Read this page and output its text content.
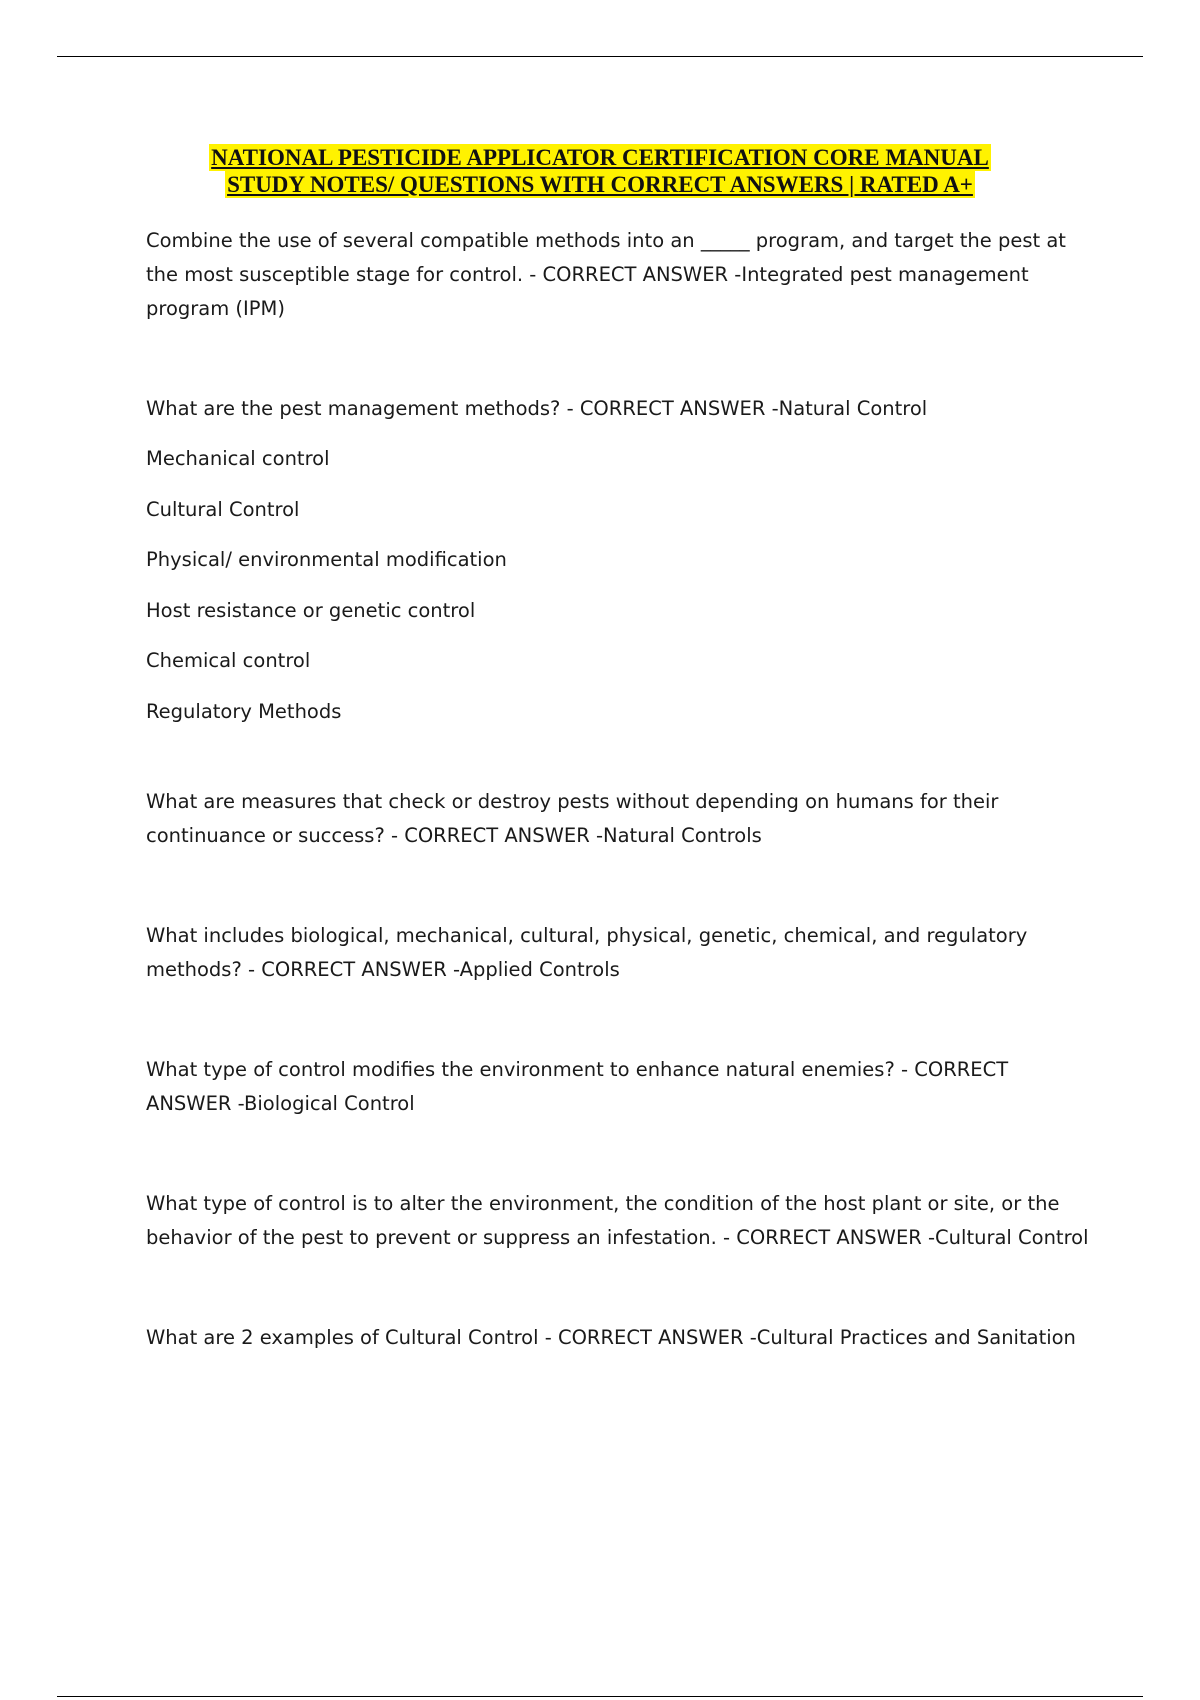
NATIONAL PESTICIDE APPLICATOR CERTIFICATION CORE MANUAL
STUDY NOTES/ QUESTIONS WITH CORRECT ANSWERS | RATED A+

Combine the use of several compatible methods into an _____ program, and target the pest at the most susceptible stage for control. - CORRECT ANSWER -Integrated pest management program (IPM)

What are the pest management methods? - CORRECT ANSWER -Natural Control

Mechanical control

Cultural Control

Physical/ environmental modification

Host resistance or genetic control

Chemical control

Regulatory Methods

What are measures that check or destroy pests without depending on humans for their continuance or success? - CORRECT ANSWER -Natural Controls

What includes biological, mechanical, cultural, physical, genetic, chemical, and regulatory methods? - CORRECT ANSWER -Applied Controls

What type of control modifies the environment to enhance natural enemies? - CORRECT ANSWER -Biological Control

What type of control is to alter the environment, the condition of the host plant or site, or the behavior of the pest to prevent or suppress an infestation. - CORRECT ANSWER -Cultural Control

What are 2 examples of Cultural Control - CORRECT ANSWER -Cultural Practices and Sanitation
